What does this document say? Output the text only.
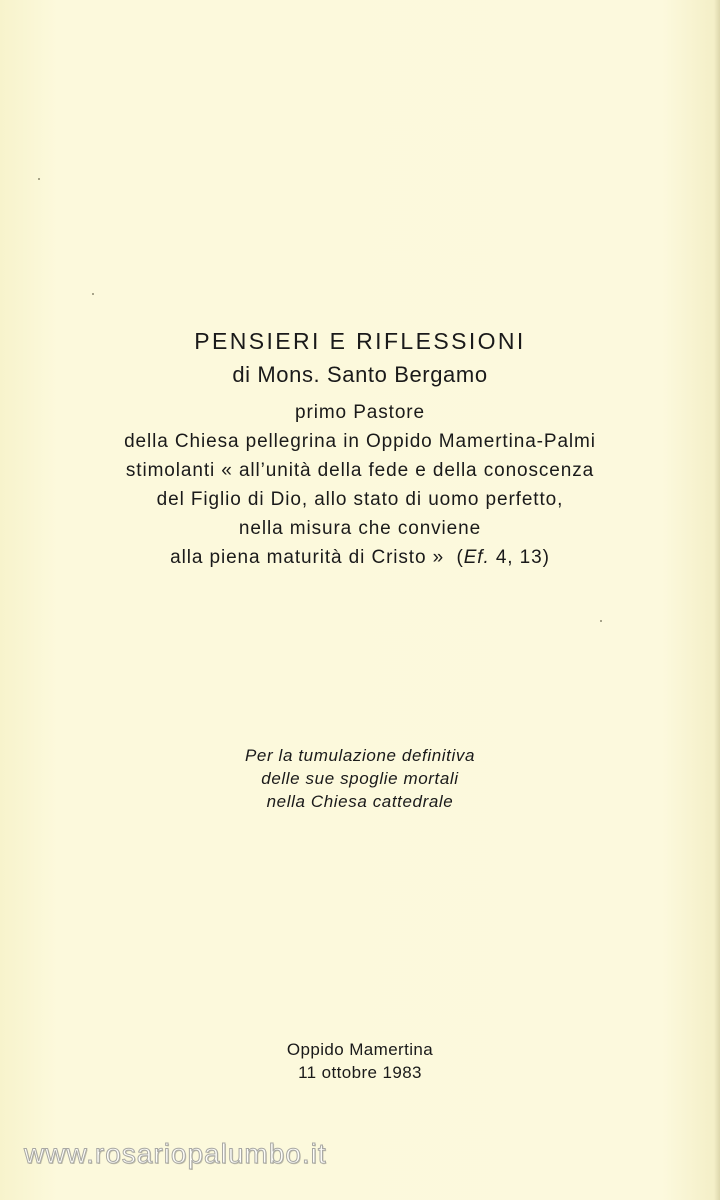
PENSIERI E RIFLESSIONI
di Mons. Santo Bergamo
primo Pastore
della Chiesa pellegrina in Oppido Mamertina-Palmi
stimolanti « all’unità della fede e della conoscenza
del Figlio di Dio, allo stato di uomo perfetto,
nella misura che conviene
alla piena maturità di Cristo » (Ef. 4, 13)
Per la tumulazione definitiva
delle sue spoglie mortali
nella Chiesa cattedrale
Oppido Mamertina
11 ottobre 1983
www.rosariopalumbo.it
